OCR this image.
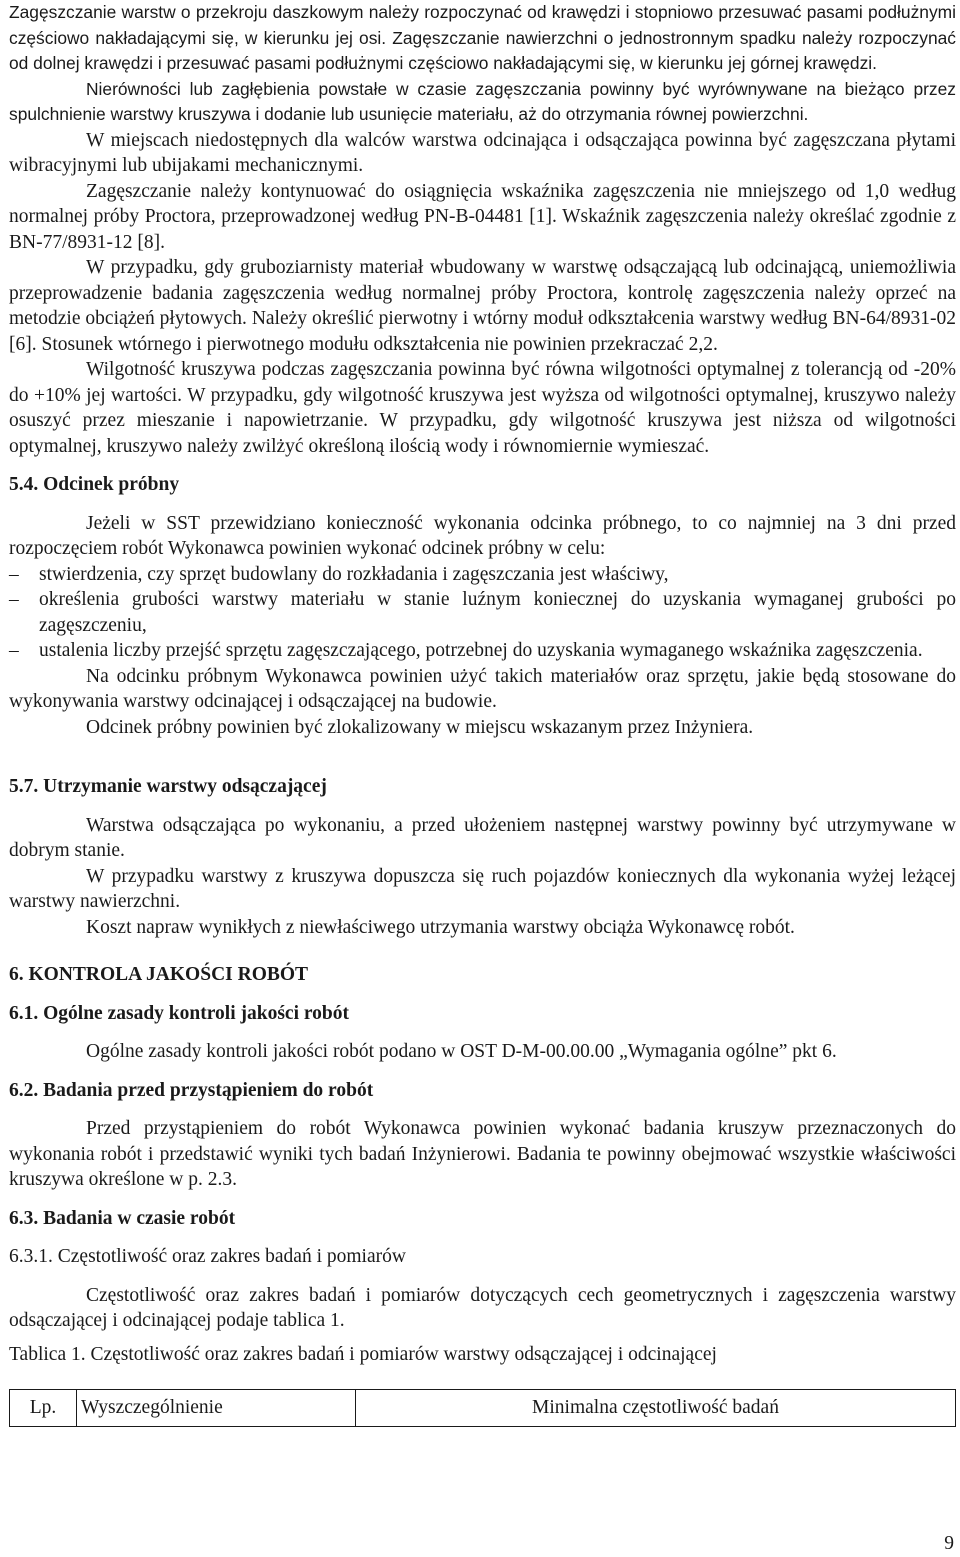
Zagęszczanie warstw o przekroju daszkowym należy rozpoczynać od krawędzi i stopniowo przesuwać pasami podłużnymi częściowo nakładającymi się, w kierunku jej osi. Zagęszczanie nawierzchni o jednostronnym spadku należy rozpoczynać od dolnej krawędzi i przesuwać pasami podłużnymi częściowo nakładającymi się, w kierunku jej górnej krawędzi.

Nierówności lub zagłębienia powstałe w czasie zagęszczania powinny być wyrównywane na bieżąco przez spulchnienie warstwy kruszywa i dodanie lub usunięcie materiału, aż do otrzymania równej powierzchni.

W miejscach niedostępnych dla walców warstwa odcinająca i odsączająca powinna być zagęszczana płytami wibracyjnymi lub ubijakami mechanicznymi.

Zagęszczanie należy kontynuować do osiągnięcia wskaźnika zagęszczenia nie mniejszego od 1,0 według normalnej próby Proctora, przeprowadzonej według PN-B-04481 [1]. Wskaźnik zagęszczenia należy określać zgodnie z BN-77/8931-12 [8].

W przypadku, gdy gruboziarnisty materiał wbudowany w warstwę odsączającą lub odcinającą, uniemożliwia przeprowadzenie badania zagęszczenia według normalnej próby Proctora, kontrolę zagęszczenia należy oprzeć na metodzie obciążeń płytowych. Należy określić pierwotny i wtórny moduł odkształcenia warstwy według BN-64/8931-02 [6]. Stosunek wtórnego i pierwotnego modułu odkształcenia nie powinien przekraczać 2,2.

Wilgotność kruszywa podczas zagęszczania powinna być równa wilgotności optymalnej z tolerancją od -20% do +10% jej wartości. W przypadku, gdy wilgotność kruszywa jest wyższa od wilgotności optymalnej, kruszywo należy osuszyć przez mieszanie i napowietrzanie. W przypadku, gdy wilgotność kruszywa jest niższa od wilgotności optymalnej, kruszywo należy zwilżyć określoną ilością wody i równomiernie wymieszać.

5.4. Odcinek próbny

Jeżeli w SST przewidziano konieczność wykonania odcinka próbnego, to co najmniej na 3 dni przed rozpoczęciem robót Wykonawca powinien wykonać odcinek próbny w celu:

– stwierdzenia, czy sprzęt budowlany do rozkładania i zagęszczania jest właściwy,
– określenia grubości warstwy materiału w stanie luźnym koniecznej do uzyskania wymaganej grubości po zagęszczeniu,
– ustalenia liczby przejść sprzętu zagęszczającego, potrzebnej do uzyskania wymaganego wskaźnika zagęszczenia.

Na odcinku próbnym Wykonawca powinien użyć takich materiałów oraz sprzętu, jakie będą stosowane do wykonywania warstwy odcinającej i odsączającej na budowie.

Odcinek próbny powinien być zlokalizowany w miejscu wskazanym przez Inżyniera.

5.7. Utrzymanie warstwy odsączającej

Warstwa odsączająca po wykonaniu, a przed ułożeniem następnej warstwy powinny być utrzymywane w dobrym stanie.

W przypadku warstwy z kruszywa dopuszcza się ruch pojazdów koniecznych dla wykonania wyżej leżącej warstwy nawierzchni.

Koszt napraw wynikłych z niewłaściwego utrzymania warstwy obciąża Wykonawcę robót.

6. KONTROLA JAKOŚCI ROBÓT
6.1. Ogólne zasady kontroli jakości robót

Ogólne zasady kontroli jakości robót podano w OST D-M-00.00.00 „Wymagania ogólne” pkt 6.

6.2. Badania przed przystąpieniem do robót

Przed przystąpieniem do robót Wykonawca powinien wykonać badania kruszyw przeznaczonych do wykonania robót i przedstawić wyniki tych badań Inżynierowi. Badania te powinny obejmować wszystkie właściwości kruszywa określone w p. 2.3.

6.3. Badania w czasie robót

6.3.1. Częstotliwość oraz zakres badań i pomiarów

Częstotliwość oraz zakres badań i pomiarów dotyczących cech geometrycznych i zagęszczenia warstwy odsączającej i odcinającej podaje tablica 1.

Tablica 1. Częstotliwość oraz zakres badań i pomiarów warstwy odsączającej i odcinającej

Lp.	Wyszczególnienie	Minimalna częstotliwość badań
9
